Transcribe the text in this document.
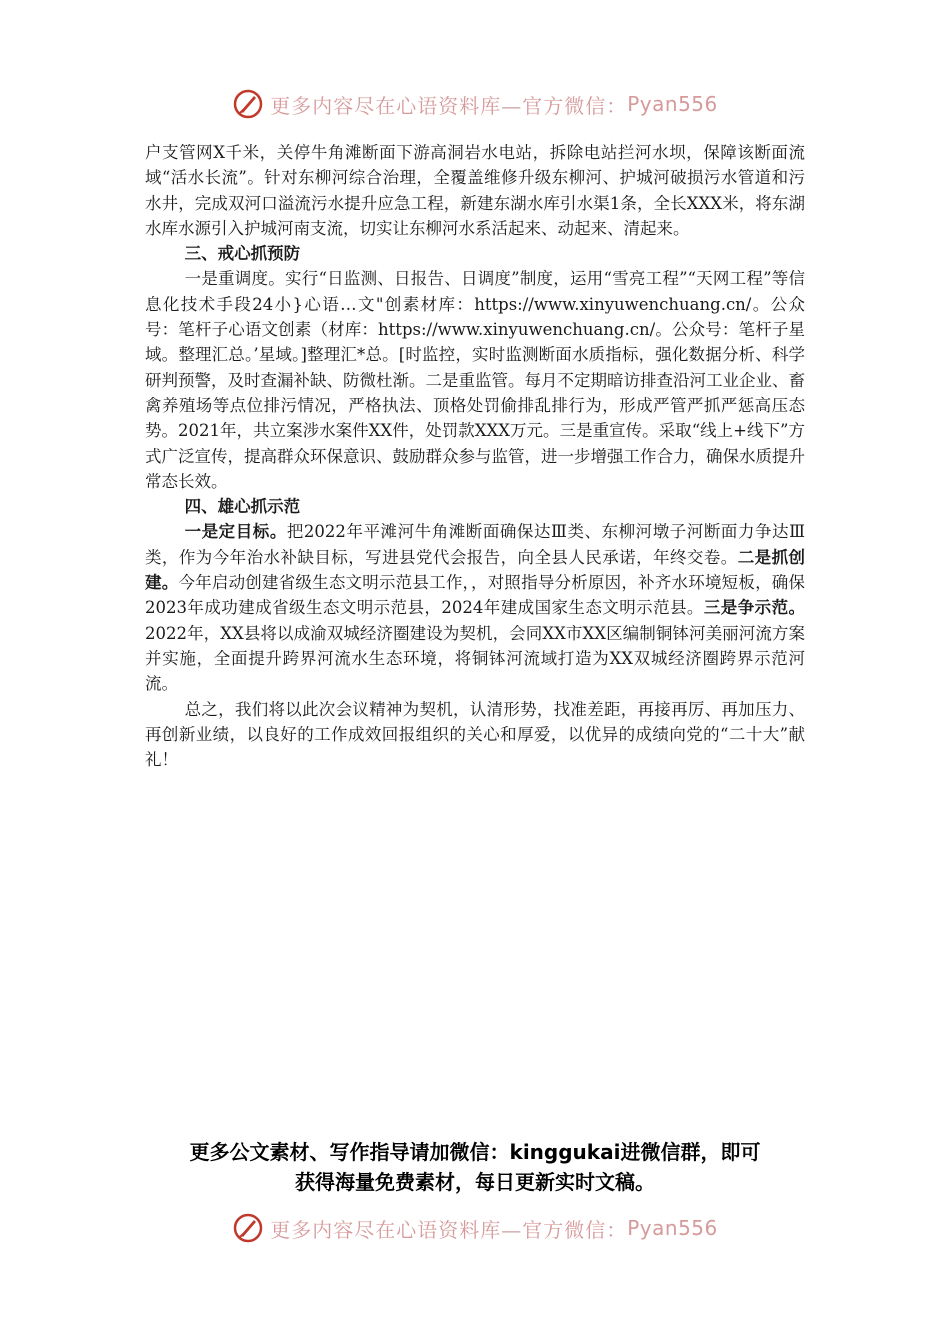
更多内容尽在心语资料库—官方微信： Pyan556

户支管网X千米，关停牛角滩断面下游高洞岩水电站，拆除电站拦河水坝，保障该断面流域“活水长流”。针对东柳河综合治理，全覆盖维修升级东柳河、护城河破损污水管道和污水井，完成双河口溢流污水提升应急工程，新建东湖水库引水渠1条，全长XXX米，将东湖水库水源引入护城河南支流，切实让东柳河水系活起来、动起来、清起来。

三、戒心抓预防

一是重调度。实行“日监测、日报告、日调度”制度，运用“雪亮工程”“天网工程”等信息化技术手段24小}心语…文"创素材库：https://www.xinyuwenchuang.cn/。公众号：笔杆子心语文创素（材库：https://www.xinyuwenchuang.cn/。公众号：笔杆子星域。整理汇总。’星域。]整理汇*总。[时监控，实时监测断面水质指标，强化数据分析、科学研判预警，及时查漏补缺、防微杜渐。二是重监管。每月不定期暗访排查沿河工业企业、畜禽养殖场等点位排污情况，严格执法、顶格处罚偷排乱排行为，形成严管严抓严惩高压态势。2021年，共立案涉水案件XX件，处罚款XXX万元。三是重宣传。采取“线上+线下”方式广泛宣传，提高群众环保意识、鼓励群众参与监管，进一步增强工作合力，确保水质提升常态长效。

四、雄心抓示范

一是定目标。把2022年平滩河牛角滩断面确保达Ⅲ类、东柳河墩子河断面力争达Ⅲ类，作为今年治水补缺目标，写进县党代会报告，向全县人民承诺，年终交卷。二是抓创建。今年启动创建省级生态文明示范县工作，，对照指导分析原因，补齐水环境短板，确保2023年成功建成省级生态文明示范县，2024年建成国家生态文明示范县。三是争示范。2022年，XX县将以成渝双城经济圈建设为契机，会同XX市XX区编制铜钵河美丽河流方案并实施，全面提升跨界河流水生态环境，将铜钵河流域打造为XX双城经济圈跨界示范河流。

总之，我们将以此次会议精神为契机，认清形势，找准差距，再接再厉、再加压力、再创新业绩，以良好的工作成效回报组织的关心和厚爱，以优异的成绩向党的“二十大”献礼！

更多公文素材、写作指导请加微信：kinggukai进微信群，即可
获得海量免费素材，每日更新实时文稿。
更多内容尽在心语资料库—官方微信： Pyan556
